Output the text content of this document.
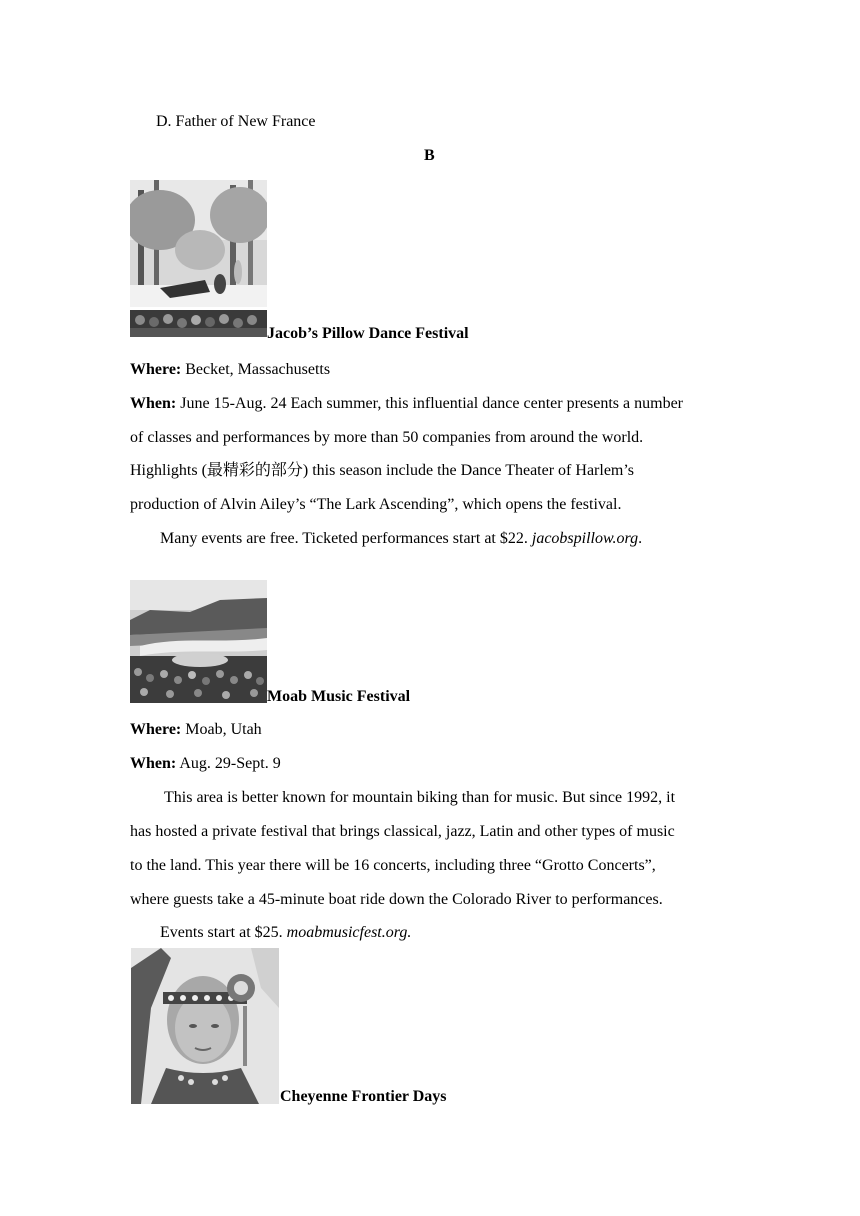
D. Father of New France
B
Jacob’s Pillow Dance Festival
Where: Becket, Massachusetts
When: June 15-Aug. 24 Each summer, this influential dance center presents a number
of classes and performances by more than 50 companies from around the world.
Highlights (最精彩的部分) this season include the Dance Theater of Harlem’s
production of Alvin Ailey’s “The Lark Ascending”, which opens the festival.
Many events are free. Ticketed performances start at $22. jacobspillow.org.
Moab Music Festival
Where: Moab, Utah
When: Aug. 29-Sept. 9
This area is better known for mountain biking than for music. But since 1992, it
has hosted a private festival that brings classical, jazz, Latin and other types of music
to the land. This year there will be 16 concerts, including three “Grotto Concerts”,
where guests take a 45-minute boat ride down the Colorado River to performances.
Events start at $25. moabmusicfest.org.
Cheyenne Frontier Days
